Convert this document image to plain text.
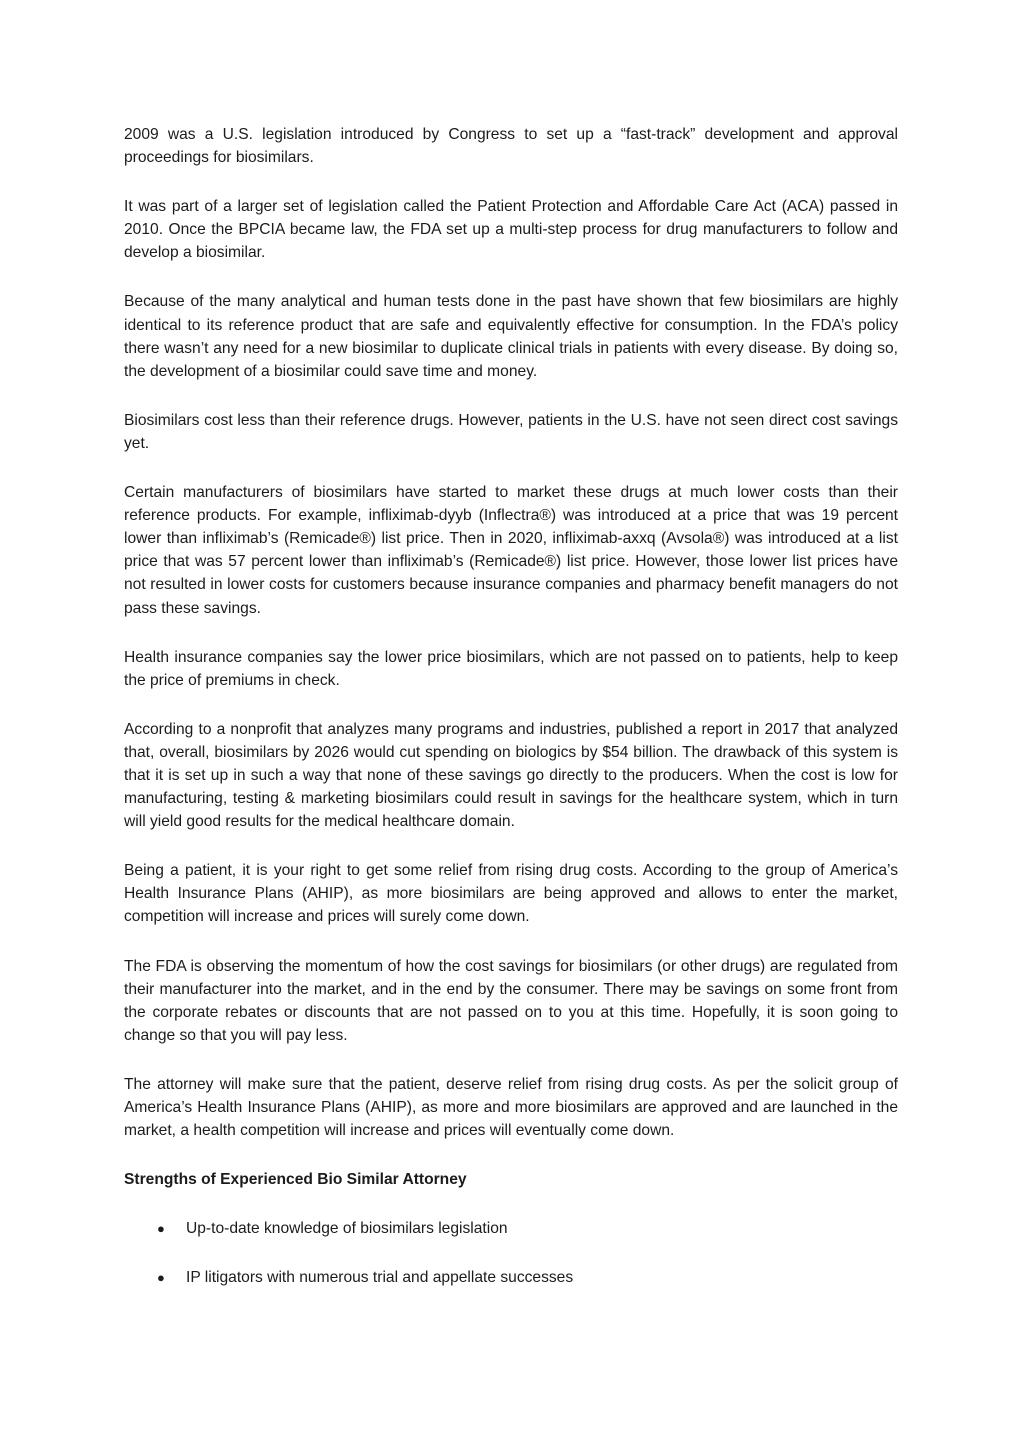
2009 was a U.S. legislation introduced by Congress to set up a “fast-track” development and approval proceedings for biosimilars.

It was part of a larger set of legislation called the Patient Protection and Affordable Care Act (ACA) passed in 2010. Once the BPCIA became law, the FDA set up a multi-step process for drug manufacturers to follow and develop a biosimilar.

Because of the many analytical and human tests done in the past have shown that few biosimilars are highly identical to its reference product that are safe and equivalently effective for consumption. In the FDA’s policy there wasn’t any need for a new biosimilar to duplicate clinical trials in patients with every disease. By doing so, the development of a biosimilar could save time and money.

Biosimilars cost less than their reference drugs. However, patients in the U.S. have not seen direct cost savings yet.

Certain manufacturers of biosimilars have started to market these drugs at much lower costs than their reference products. For example, infliximab-dyyb (Inflectra®) was introduced at a price that was 19 percent lower than infliximab’s (Remicade®) list price. Then in 2020, infliximab-axxq (Avsola®) was introduced at a list price that was 57 percent lower than infliximab’s (Remicade®) list price. However, those lower list prices have not resulted in lower costs for customers because insurance companies and pharmacy benefit managers do not pass these savings.

Health insurance companies say the lower price biosimilars, which are not passed on to patients, help to keep the price of premiums in check.

According to a nonprofit that analyzes many programs and industries, published a report in 2017 that analyzed that, overall, biosimilars by 2026 would cut spending on biologics by $54 billion. The drawback of this system is that it is set up in such a way that none of these savings go directly to the producers. When the cost is low for manufacturing, testing & marketing biosimilars could result in savings for the healthcare system, which in turn will yield good results for the medical healthcare domain.

Being a patient, it is your right to get some relief from rising drug costs. According to the group of America’s Health Insurance Plans (AHIP), as more biosimilars are being approved and allows to enter the market, competition will increase and prices will surely come down.

The FDA is observing the momentum of how the cost savings for biosimilars (or other drugs) are regulated from their manufacturer into the market, and in the end by the consumer. There may be savings on some front from the corporate rebates or discounts that are not passed on to you at this time. Hopefully, it is soon going to change so that you will pay less.

The attorney will make sure that the patient, deserve relief from rising drug costs. As per the solicit group of America’s Health Insurance Plans (AHIP), as more and more biosimilars are approved and are launched in the market, a health competition will increase and prices will eventually come down.

Strengths of Experienced Bio Similar Attorney

● Up-to-date knowledge of biosimilars legislation
● IP litigators with numerous trial and appellate successes
